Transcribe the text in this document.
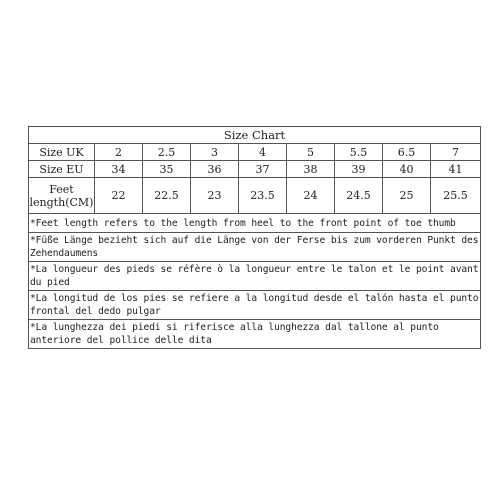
Size Chart								
Size UK	2	2.5	3	4	5	5.5	6.5	7
Size EU	34	35	36	37	38	39	40	41

Feet
length(CM)	22	22.5	23	23.5	24	24.5	25	25.5
*Feet length refers to the length from heel to the front point of toe thumb								
*Füße Länge bezieht sich auf die Länge von der Ferse bis zum vorderen Punkt des Zehendaumens								
*La longueur des pieds se réfère ò la longueur entre le talon et le point avant du pied								
*La longitud de los pies se refiere a la longitud desde el talón hasta el punto frontal del dedo pulgar								
*La lunghezza dei piedi si riferisce alla lunghezza dal tallone al punto anteriore del pollice delle dita								
